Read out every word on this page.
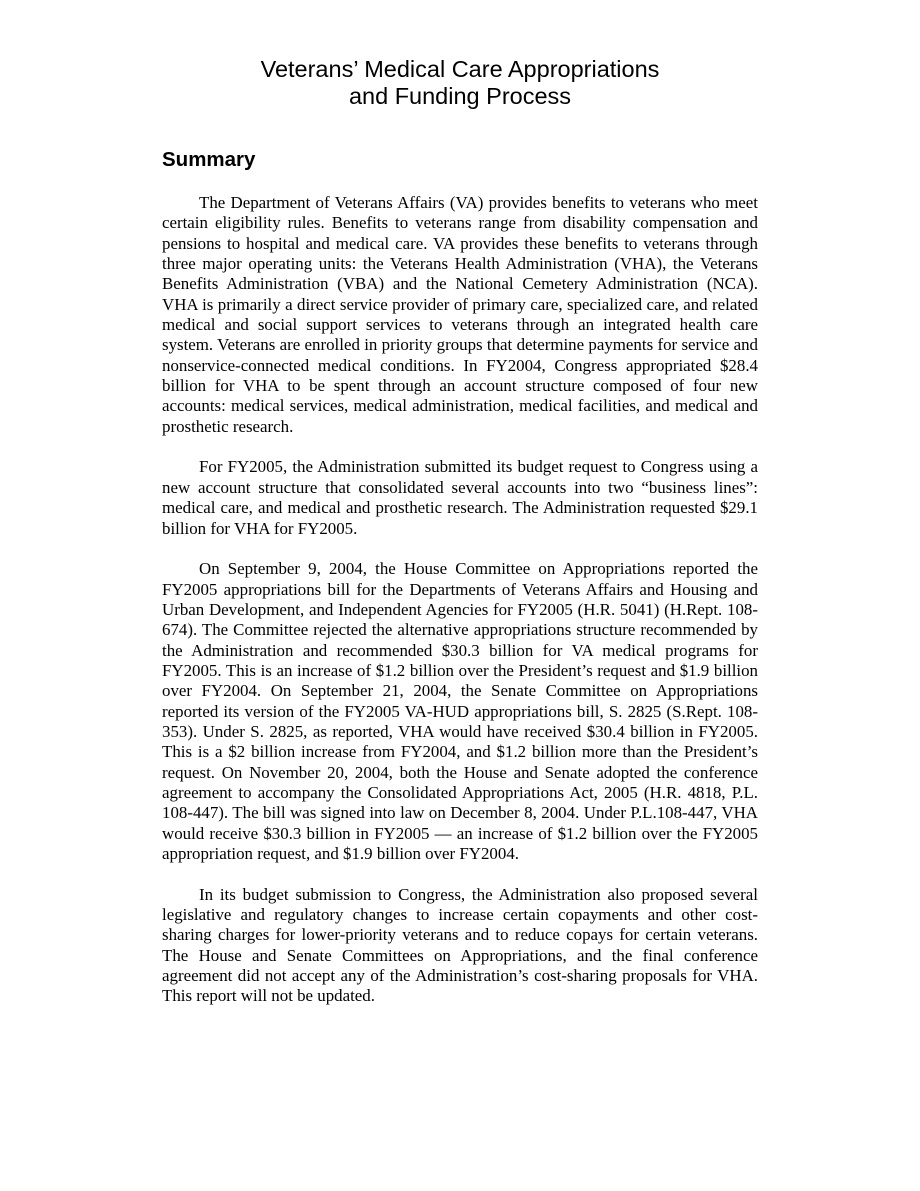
Veterans’ Medical Care Appropriations
and Funding Process
Summary

The Department of Veterans Affairs (VA) provides benefits to veterans who meet certain eligibility rules. Benefits to veterans range from disability compensation and pensions to hospital and medical care. VA provides these benefits to veterans through three major operating units: the Veterans Health Administration (VHA), the Veterans Benefits Administration (VBA) and the National Cemetery Administration (NCA). VHA is primarily a direct service provider of primary care, specialized care, and related medical and social support services to veterans through an integrated health care system. Veterans are enrolled in priority groups that determine payments for service and nonservice-connected medical conditions. In FY2004, Congress appropriated $28.4 billion for VHA to be spent through an account structure composed of four new accounts: medical services, medical administration, medical facilities, and medical and prosthetic research.

For FY2005, the Administration submitted its budget request to Congress using a new account structure that consolidated several accounts into two “business lines”: medical care, and medical and prosthetic research. The Administration requested $29.1 billion for VHA for FY2005.

On September 9, 2004, the House Committee on Appropriations reported the FY2005 appropriations bill for the Departments of Veterans Affairs and Housing and Urban Development, and Independent Agencies for FY2005 (H.R. 5041) (H.Rept. 108-674). The Committee rejected the alternative appropriations structure recommended by the Administration and recommended $30.3 billion for VA medical programs for FY2005. This is an increase of $1.2 billion over the President’s request and $1.9 billion over FY2004. On September 21, 2004, the Senate Committee on Appropriations reported its version of the FY2005 VA-HUD appropriations bill, S. 2825 (S.Rept. 108-353). Under S. 2825, as reported, VHA would have received $30.4 billion in FY2005. This is a $2 billion increase from FY2004, and $1.2 billion more than the President’s request. On November 20, 2004, both the House and Senate adopted the conference agreement to accompany the Consolidated Appropriations Act, 2005 (H.R. 4818, P.L. 108-447). The bill was signed into law on December 8, 2004. Under P.L.108-447, VHA would receive $30.3 billion in FY2005 — an increase of $1.2 billion over the FY2005 appropriation request, and $1.9 billion over FY2004.

In its budget submission to Congress, the Administration also proposed several legislative and regulatory changes to increase certain copayments and other cost-sharing charges for lower-priority veterans and to reduce copays for certain veterans. The House and Senate Committees on Appropriations, and the final conference agreement did not accept any of the Administration’s cost-sharing proposals for VHA. This report will not be updated.
